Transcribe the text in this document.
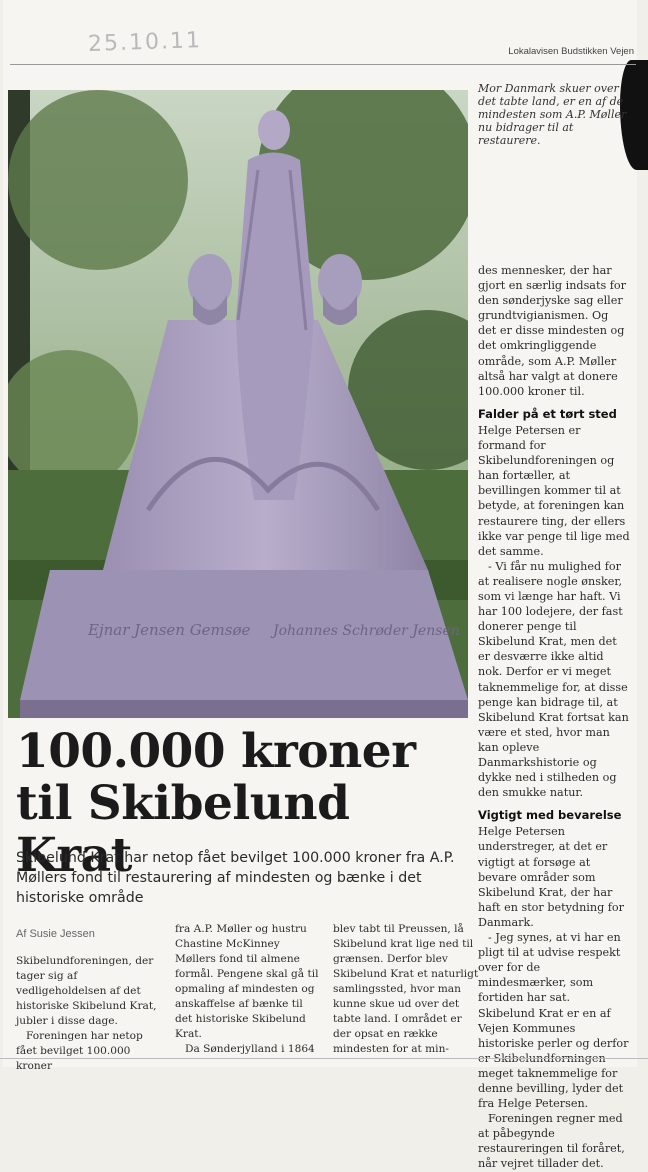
25.10.11	Lokalavisen Budstikken Vejen
Ejnar Jensen Gemsøe Johannes Schrøder Jensen
Mor Danmark skuer over det tabte land, er en af de mindesten som A.P. Møller nu bidrager til at restaurere.

des mennesker, der har gjort en særlig indsats for den sønderjyske sag eller grundtvigianismen. Og det er disse mindesten og det omkringliggende område, som A.P. Møller altså har valgt at donere 100.000 kroner til.

Falder på et tørt sted

Helge Petersen er formand for Skibelundforeningen og han fortæller, at bevillingen kommer til at betyde, at foreningen kan restaurere ting, der ellers ikke var penge til lige med det samme.

- Vi får nu mulighed for at realisere nogle ønsker, som vi længe har haft. Vi har 100 lodejere, der fast donerer penge til Skibelund Krat, men det er desværre ikke altid nok. Derfor er vi meget taknemmelige for, at disse penge kan bidrage til, at Skibelund Krat fortsat kan være et sted, hvor man kan opleve Danmarkshistorie og dykke ned i stilheden og den smukke natur.

Vigtigt med bevarelse

Helge Petersen understreger, at det er vigtigt at forsøge at bevare områder som Skibelund Krat, der har haft en stor betydning for Danmark.

- Jeg synes, at vi har en pligt til at udvise respekt over for de mindesmærker, som fortiden har sat. Skibelund Krat er en af Vejen Kommunes historiske perler og derfor er Skibelundforningen meget taknemmelige for denne bevilling, lyder det fra Helge Petersen.

Foreningen regner med at påbegynde restaureringen til foråret, når vejret tillader det.

100.000 kroner
til Skibelund Krat
Skibelund Krat har netop fået bevilget 100.000 kroner fra A.P. Møllers fond til restaurering af mindesten og bænke i det historiske område
Af Susie Jessen

Skibelundforeningen, der tager sig af vedligeholdelsen af det historiske Skibelund Krat, jubler i disse dage.

Foreningen har netop fået bevilget 100.000 kroner

fra A.P. Møller og hustru Chastine McKinney Møllers fond til almene formål. Pengene skal gå til opmaling af mindesten og anskaffelse af bænke til det historiske Skibelund Krat.

Da Sønderjylland i 1864

blev tabt til Preussen, lå Skibelund krat lige ned til grænsen. Derfor blev Skibelund Krat et naturligt samlingssted, hvor man kunne skue ud over det tabte land. I området er der opsat en række mindesten for at min-
